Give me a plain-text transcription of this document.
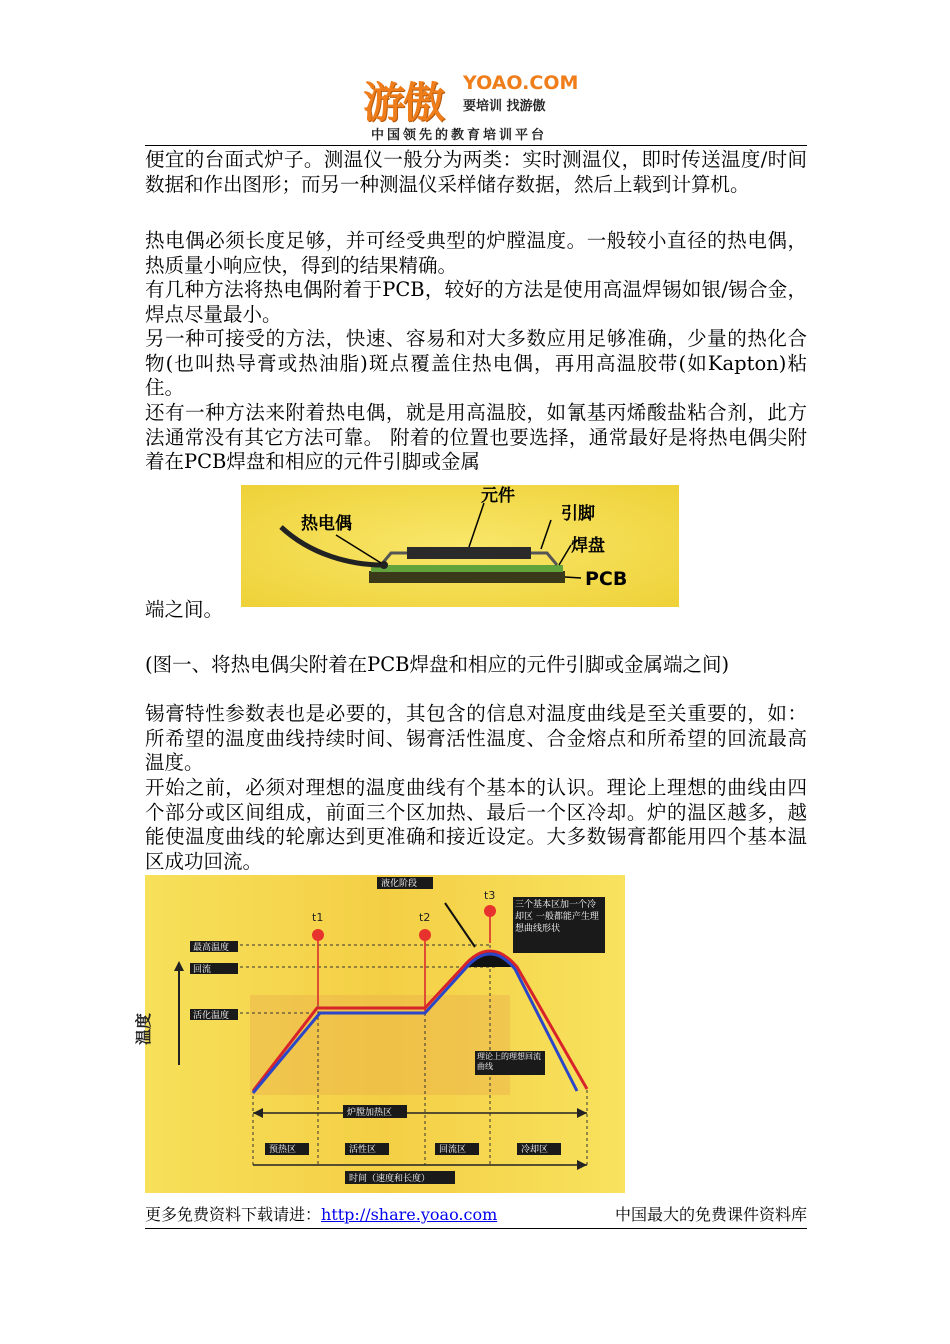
游傲 YOAO.COM
要培训 找游傲
中国领先的教育培训平台

便宜的台面式炉子。测温仪一般分为两类：实时测温仪，即时传送温度/时间数据和作出图形；而另一种测温仪采样储存数据，然后上载到计算机。

热电偶必须长度足够，并可经受典型的炉膛温度。一般较小直径的热电偶，热质量小响应快，得到的结果精确。

有几种方法将热电偶附着于PCB，较好的方法是使用高温焊锡如银/锡合金，焊点尽量最小。

另一种可接受的方法，快速、容易和对大多数应用足够准确，少量的热化合物(也叫热导膏或热油脂)斑点覆盖住热电偶，再用高温胶带(如Kapton)粘住。

还有一种方法来附着热电偶，就是用高温胶，如氰基丙烯酸盐粘合剂，此方法通常没有其它方法可靠。 附着的位置也要选择，通常最好是将热电偶尖附着在PCB焊盘和相应的元件引脚或金属

热电偶
元件
引脚
焊盘
PCB

端之间。

(图一、将热电偶尖附着在PCB焊盘和相应的元件引脚或金属端之间)

锡膏特性参数表也是必要的，其包含的信息对温度曲线是至关重要的，如：所希望的温度曲线持续时间、锡膏活性温度、合金熔点和所希望的回流最高温度。

开始之前，必须对理想的温度曲线有个基本的认识。理论上理想的曲线由四个部分或区间组成，前面三个区加热、最后一个区冷却。炉的温区越多，越能使温度曲线的轮廓达到更准确和接近设定。大多数锡膏都能用四个基本温区成功回流。

液化阶段
最高温度
回流
活化温度
三个基本区加一个冷却区 一般都能产生理想曲线形状
理论上的理想回流曲线
炉膛加热区
预热区	活性区	回流区	冷却区
时间（速度和长度）
t1	t2
t3
温度
更多免费资料下载请进：http://share.yoao.com	中国最大的免费课件资料库
